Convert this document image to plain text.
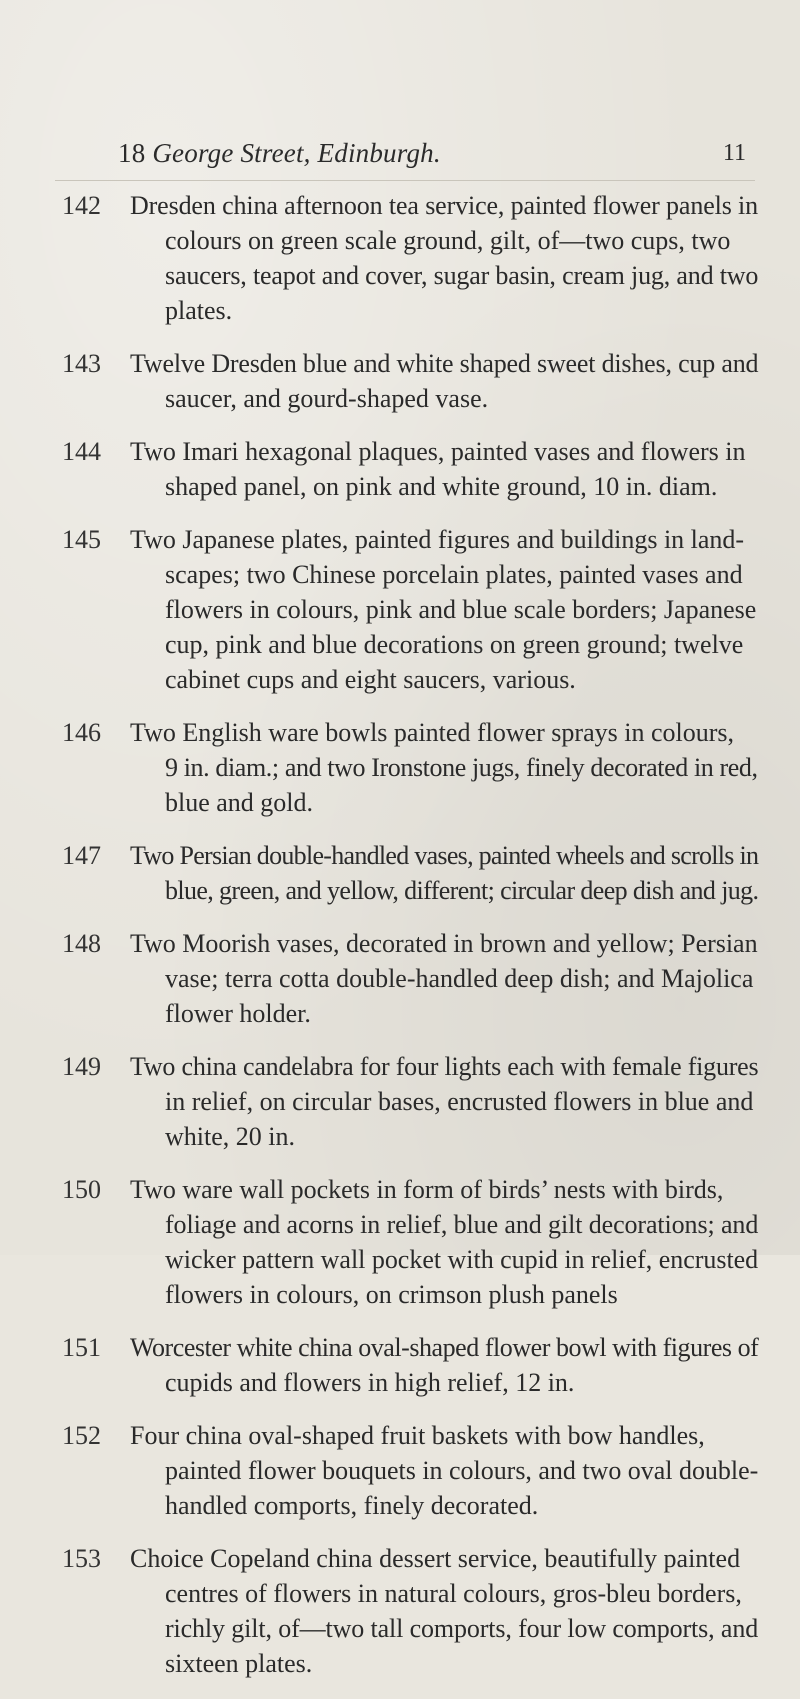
18 George Street, Edinburgh.	11
142	Dresden china afternoon tea service, painted flower panels in
colours on green scale ground, gilt, of—two cups, two
saucers, teapot and cover, sugar basin, cream jug, and two
plates.
143	Twelve Dresden blue and white shaped sweet dishes, cup and
saucer, and gourd-shaped vase.
144	Two Imari hexagonal plaques, painted vases and flowers in
shaped panel, on pink and white ground, 10 in. diam.
145	Two Japanese plates, painted figures and buildings in land-
scapes; two Chinese porcelain plates, painted vases and
flowers in colours, pink and blue scale borders; Japanese
cup, pink and blue decorations on green ground; twelve
cabinet cups and eight saucers, various.
146	Two English ware bowls painted flower sprays in colours,
9 in. diam.; and two Ironstone jugs, finely decorated in red,
blue and gold.
147	Two Persian double-handled vases, painted wheels and scrolls in
blue, green, and yellow, different; circular deep dish and jug.
148	Two Moorish vases, decorated in brown and yellow; Persian
vase; terra cotta double-handled deep dish; and Majolica
flower holder.
149	Two china candelabra for four lights each with female figures
in relief, on circular bases, encrusted flowers in blue and
white, 20 in.
150	Two ware wall pockets in form of birds’ nests with birds,
foliage and acorns in relief, blue and gilt decorations; and
wicker pattern wall pocket with cupid in relief, encrusted
flowers in colours, on crimson plush panels
151	Worcester white china oval-shaped flower bowl with figures of
cupids and flowers in high relief, 12 in.
152	Four china oval-shaped fruit baskets with bow handles,
painted flower bouquets in colours, and two oval double-
handled comports, finely decorated.
153	Choice Copeland china dessert service, beautifully painted
centres of flowers in natural colours, gros-bleu borders,
richly gilt, of—two tall comports, four low comports, and
sixteen plates.
